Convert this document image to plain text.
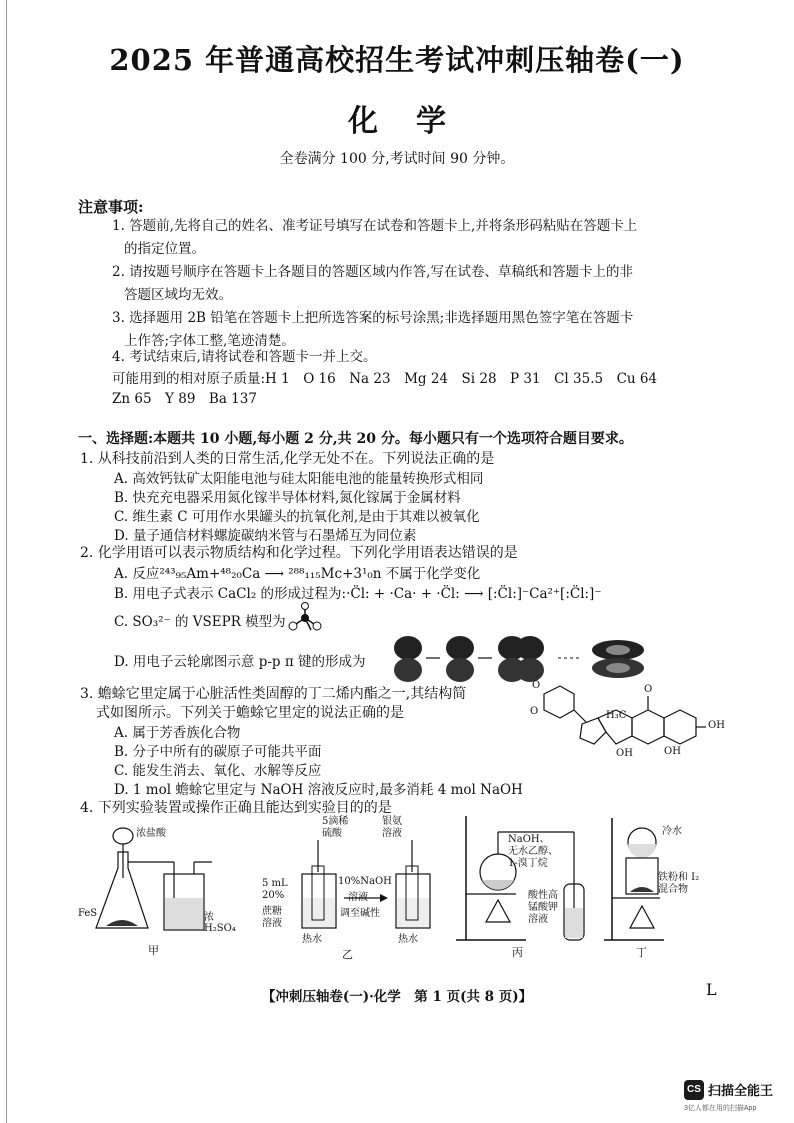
2025 年普通高校招生考试冲刺压轴卷(一)
化学
全卷满分 100 分,考试时间 90 分钟。
注意事项:
1. 答题前,先将自己的姓名、准考证号填写在试卷和答题卡上,并将条形码粘贴在答题卡上
的指定位置。
2. 请按题号顺序在答题卡上各题目的答题区域内作答,写在试卷、草稿纸和答题卡上的非
答题区域均无效。
3. 选择题用 2B 铅笔在答题卡上把所选答案的标号涂黑;非选择题用黑色签字笔在答题卡
上作答;字体工整,笔迹清楚。
4. 考试结束后,请将试卷和答题卡一并上交。
可能用到的相对原子质量:H 1　O 16　Na 23　Mg 24　Si 28　P 31　Cl 35.5　Cu 64
Zn 65　Y 89　Ba 137
一、选择题:本题共 10 小题,每小题 2 分,共 20 分。每小题只有一个选项符合题目要求。
1. 从科技前沿到人类的日常生活,化学无处不在。下列说法正确的是
A. 高效钙钛矿太阳能电池与硅太阳能电池的能量转换形式相同
B. 快充充电器采用氮化镓半导体材料,氮化镓属于金属材料
C. 维生素 C 可用作水果罐头的抗氧化剂,是由于其难以被氧化
D. 量子通信材料螺旋碳纳米管与石墨烯互为同位素
2. 化学用语可以表示物质结构和化学过程。下列化学用语表达错误的是
A. 反应²⁴³₉₅Am+⁴⁸₂₀Ca ⟶ ²⁸⁸₁₁₅Mc+3¹₀n 不属于化学变化
B. 用电子式表示 CaCl₂ 的形成过程为:·C̈l: + ·Ca· + ·C̈l: ⟶ [:C̈l:]⁻Ca²⁺[:C̈l:]⁻
C. SO₃²⁻ 的 VSEPR 模型为
D. 用电子云轮廓图示意 p-p π 键的形成为
3. 蟾蜍它里定属于心脏活性类固醇的丁二烯内酯之一,其结构简
式如图所示。下列关于蟾蜍它里定的说法正确的是
A. 属于芳香族化合物
B. 分子中所有的碳原子可能共平面
C. 能发生消去、氧化、水解等反应
D. 1 mol 蟾蜍它里定与 NaOH 溶液反应时,最多消耗 4 mol NaOH
O
O	H₃C
O
OH
OH	OH
4. 下列实验装置或操作正确且能达到实验目的的是
浓盐酸
FeS	浓H₂SO₄
甲
5滴稀
硫酸
5 mL
20%
蔗糖
溶液
10%NaOH
溶液
调至碱性
银氨
溶液
热水	热水
乙
NaOH、
无水乙醇、
1-溴丁烷
酸性高
锰酸钾
溶液
丙
冷水
铁粉和 I₂
混合物
丁
【冲刺压轴卷(一)·化学　第 1 页(共 8 页)】	L
CS 扫描全能王
3亿人都在用的扫描App
